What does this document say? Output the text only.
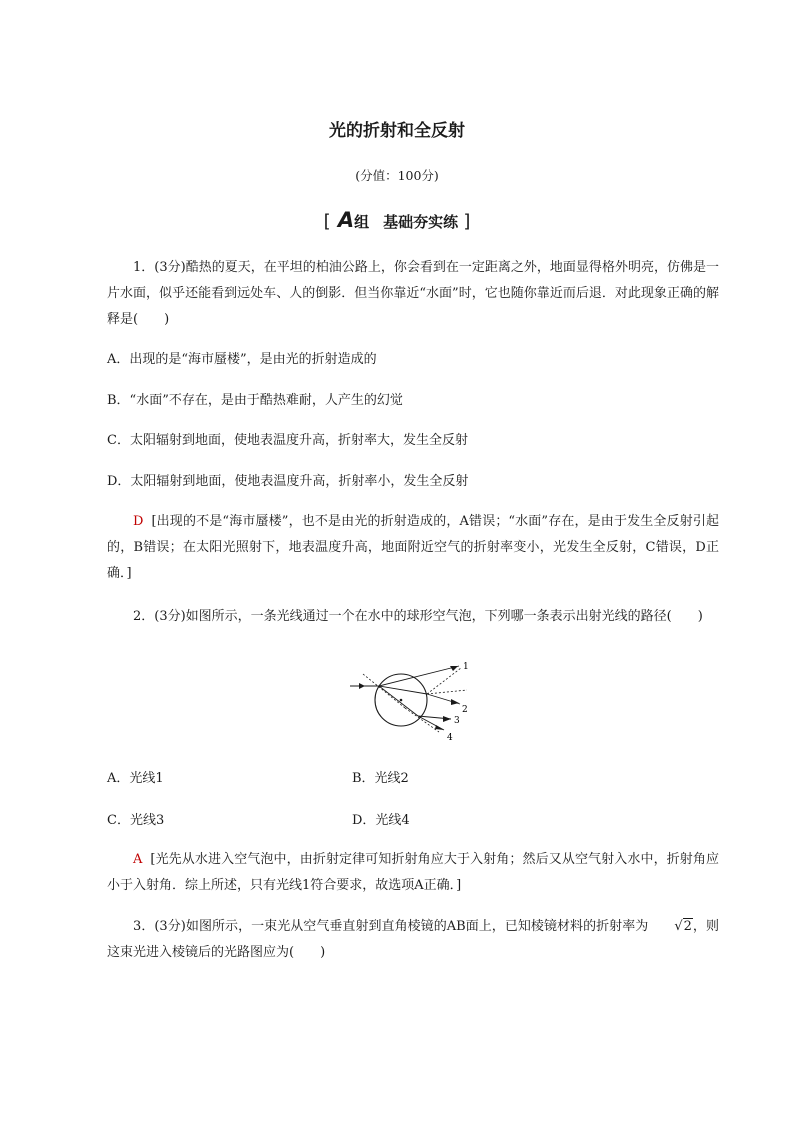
光的折射和全反射
(分值：100分)
[ A组 基础夯实练 ]
1．(3分)酷热的夏天，在平坦的柏油公路上，你会看到在一定距离之外，地面显得格外明亮，仿佛是一片水面，似乎还能看到远处车、人的倒影．但当你靠近“水面”时，它也随你靠近而后退．对此现象正确的解释是(　　)
A．出现的是“海市蜃楼”，是由光的折射造成的
B．“水面”不存在，是由于酷热难耐，人产生的幻觉
C．太阳辐射到地面，使地表温度升高，折射率大，发生全反射
D．太阳辐射到地面，使地表温度升高，折射率小，发生全反射
D [出现的不是“海市蜃楼”，也不是由光的折射造成的，A错误；“水面”存在，是由于发生全反射引起的，B错误；在太阳光照射下，地表温度升高，地面附近空气的折射率变小，光发生全反射，C错误，D正确．]
2．(3分)如图所示，一条光线通过一个在水中的球形空气泡，下列哪一条表示出射光线的路径(　　)
1
2
3
4
A．光线1	B．光线2
C．光线3	D．光线4
A [光先从水进入空气泡中，由折射定律可知折射角应大于入射角；然后又从空气射入水中，折射角应小于入射角．综上所述，只有光线1符合要求，故选项A正确．]
3．(3分)如图所示，一束光从空气垂直射到直角棱镜的AB面上，已知棱镜材料的折射率为 √2，则这束光进入棱镜后的光路图应为(　　)
